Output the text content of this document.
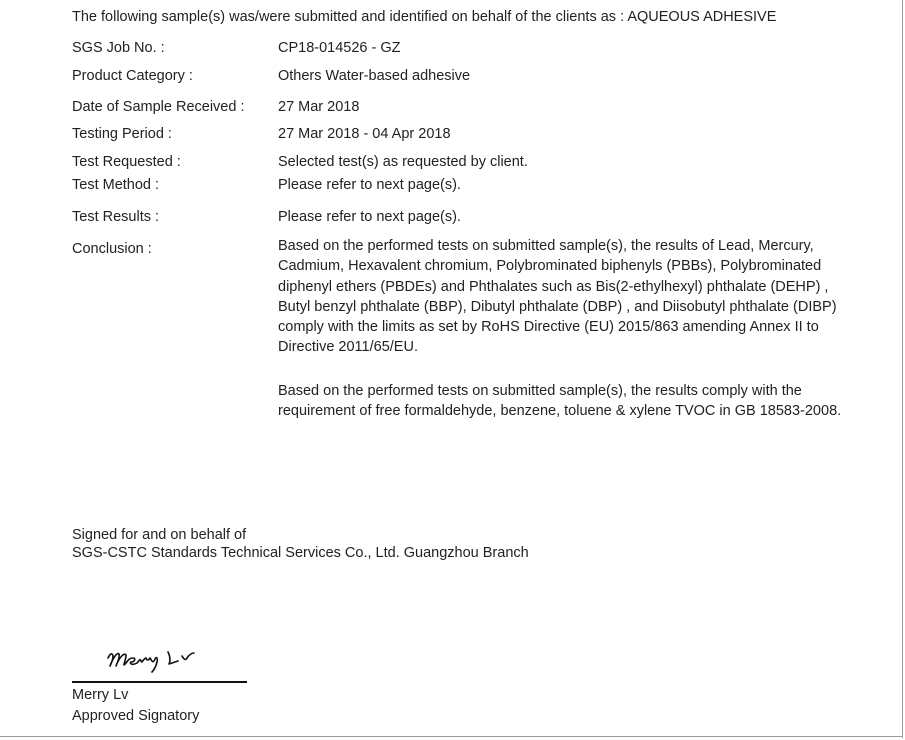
The following sample(s) was/were submitted and identified on behalf of the clients as : AQUEOUS ADHESIVE
SGS Job No. :	CP18-014526 - GZ
Product Category :	Others Water-based adhesive
Date of Sample Received : 27 Mar 2018
Testing Period :	27 Mar 2018 - 04 Apr 2018
Test Requested :	Selected test(s) as requested by client.
Test Method :	Please refer to next page(s).
Test Results :	Please refer to next page(s).
Conclusion :	Based on the performed tests on submitted sample(s), the results of Lead, Mercury, Cadmium, Hexavalent chromium, Polybrominated biphenyls (PBBs), Polybrominated diphenyl ethers (PBDEs) and Phthalates such as Bis(2-ethylhexyl) phthalate (DEHP) , Butyl benzyl phthalate (BBP), Dibutyl phthalate (DBP) , and Diisobutyl phthalate (DIBP) comply with the limits as set by RoHS Directive (EU) 2015/863 amending Annex II to Directive 2011/65/EU.
Based on the performed tests on submitted sample(s), the results comply with the requirement of free formaldehyde, benzene, toluene & xylene TVOC in GB 18583-2008.
Signed for and on behalf of
SGS-CSTC Standards Technical Services Co., Ltd. Guangzhou Branch
Merry Lv
Approved Signatory
